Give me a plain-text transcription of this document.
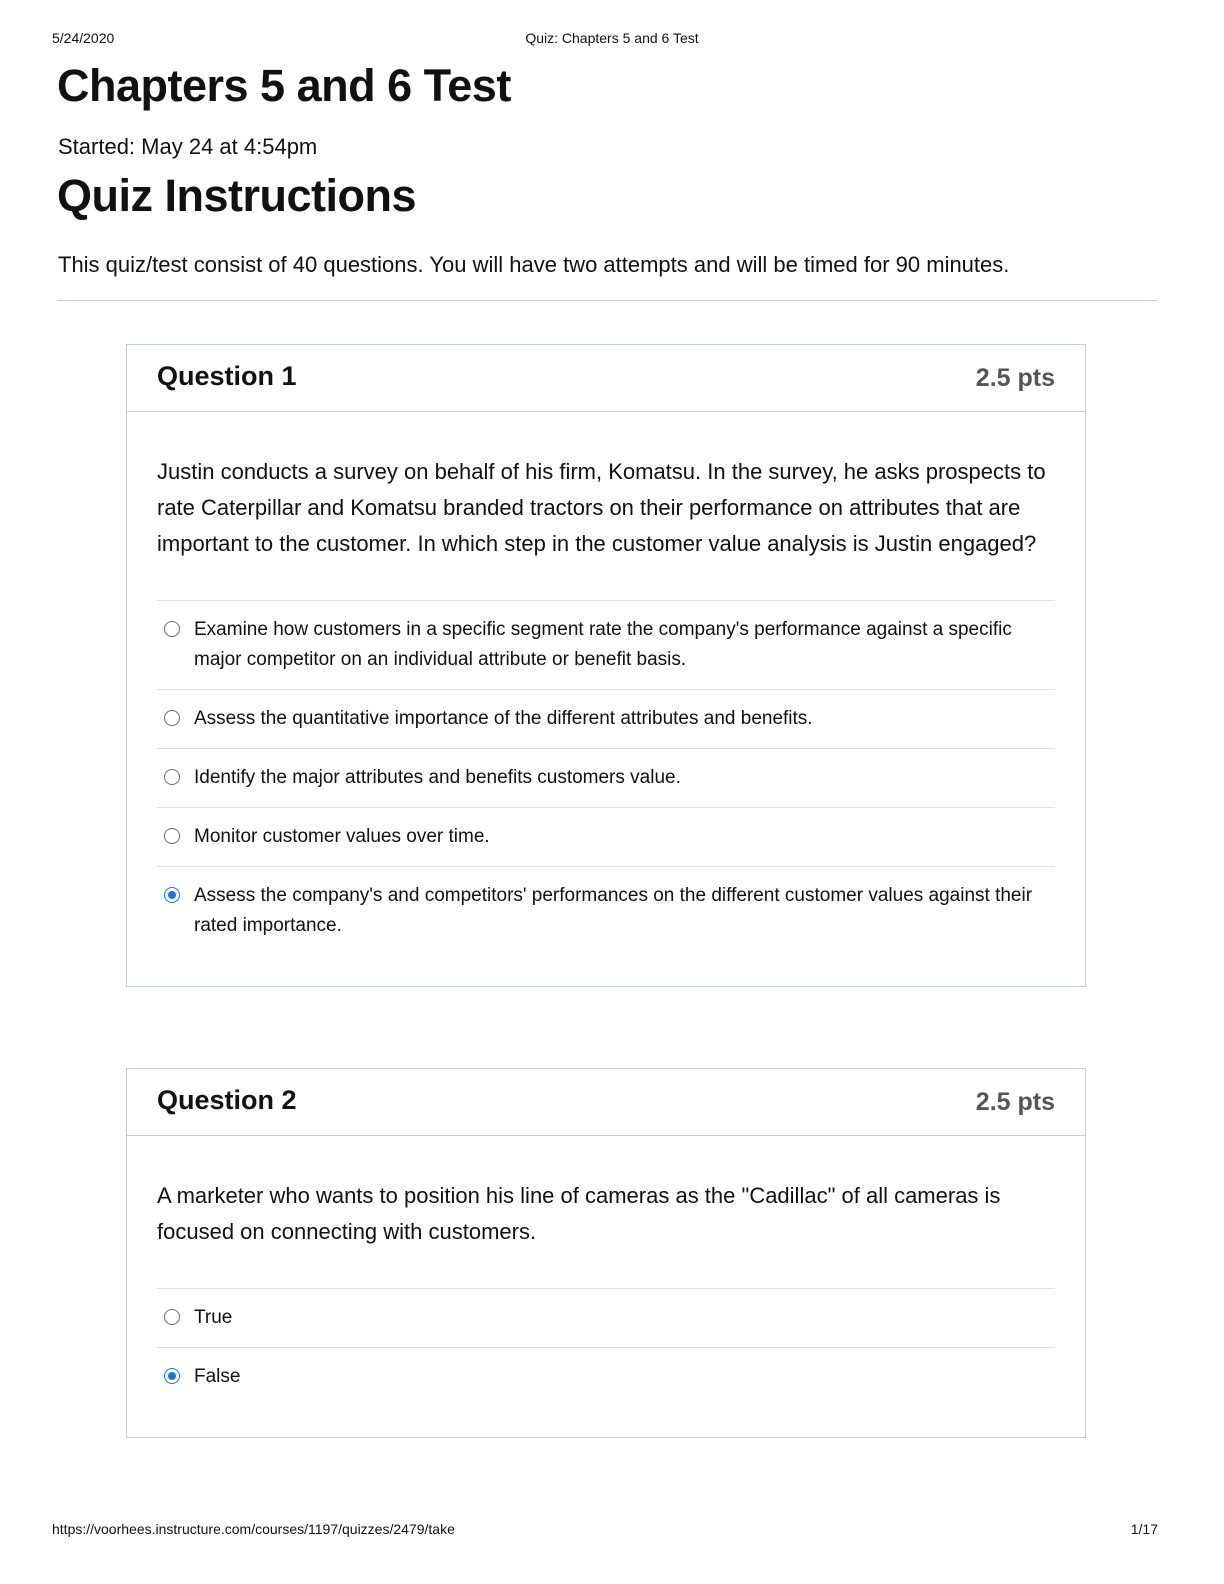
5/24/2020	Quiz: Chapters 5 and 6 Test
Chapters 5 and 6 Test
Started: May 24 at 4:54pm
Quiz Instructions
This quiz/test consist of 40 questions. You will have two attempts and will be timed for 90 minutes.
Question 1	2.5 pts

Justin conducts a survey on behalf of his firm, Komatsu. In the survey, he asks prospects to rate Caterpillar and Komatsu branded tractors on their performance on attributes that are important to the customer. In which step in the customer value analysis is Justin engaged?

Examine how customers in a specific segment rate the company's performance against a specific major competitor on an individual attribute or benefit basis.
Assess the quantitative importance of the different attributes and benefits.
Identify the major attributes and benefits customers value.
Monitor customer values over time.
Assess the company's and competitors' performances on the different customer values against their rated importance.
Question 2	2.5 pts

A marketer who wants to position his line of cameras as the "Cadillac" of all cameras is focused on connecting with customers.

True
False
https://voorhees.instructure.com/courses/1197/quizzes/2479/take	1/17
